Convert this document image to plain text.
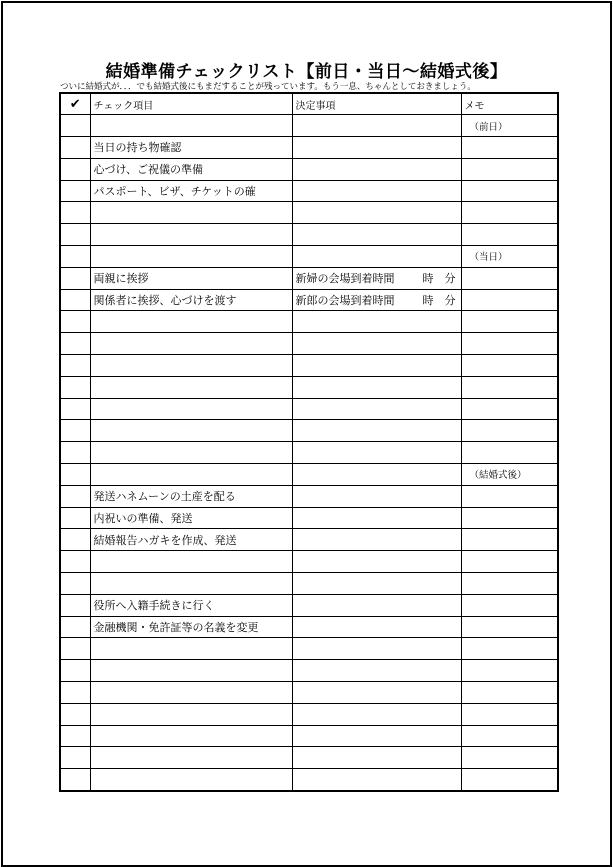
結婚準備チェックリスト【前日・当日～結婚式後】
ついに結婚式が．．．でも結婚式後にもまだすることが残っています。もう一息、ちゃんとしておきましょう。
✔	チェック項目	決定事項	メモ
			（前日）
	当日の持ち物確認		
	心づけ、ご祝儀の準備		
	パスポート、ビザ、チケットの確		

			（当日）
	両親に挨拶	新婦の会場到着時間 時　分	

	関係者に挨拶、心づけを渡す	新郎の会場到着時間 時　分	

			（結婚式後）
	発送ハネムーンの土産を配る		
	内祝いの準備、発送		
	結婚報告ハガキを作成、発送		

	役所へ入籍手続きに行く		
	金融機関・免許証等の名義を変更		
